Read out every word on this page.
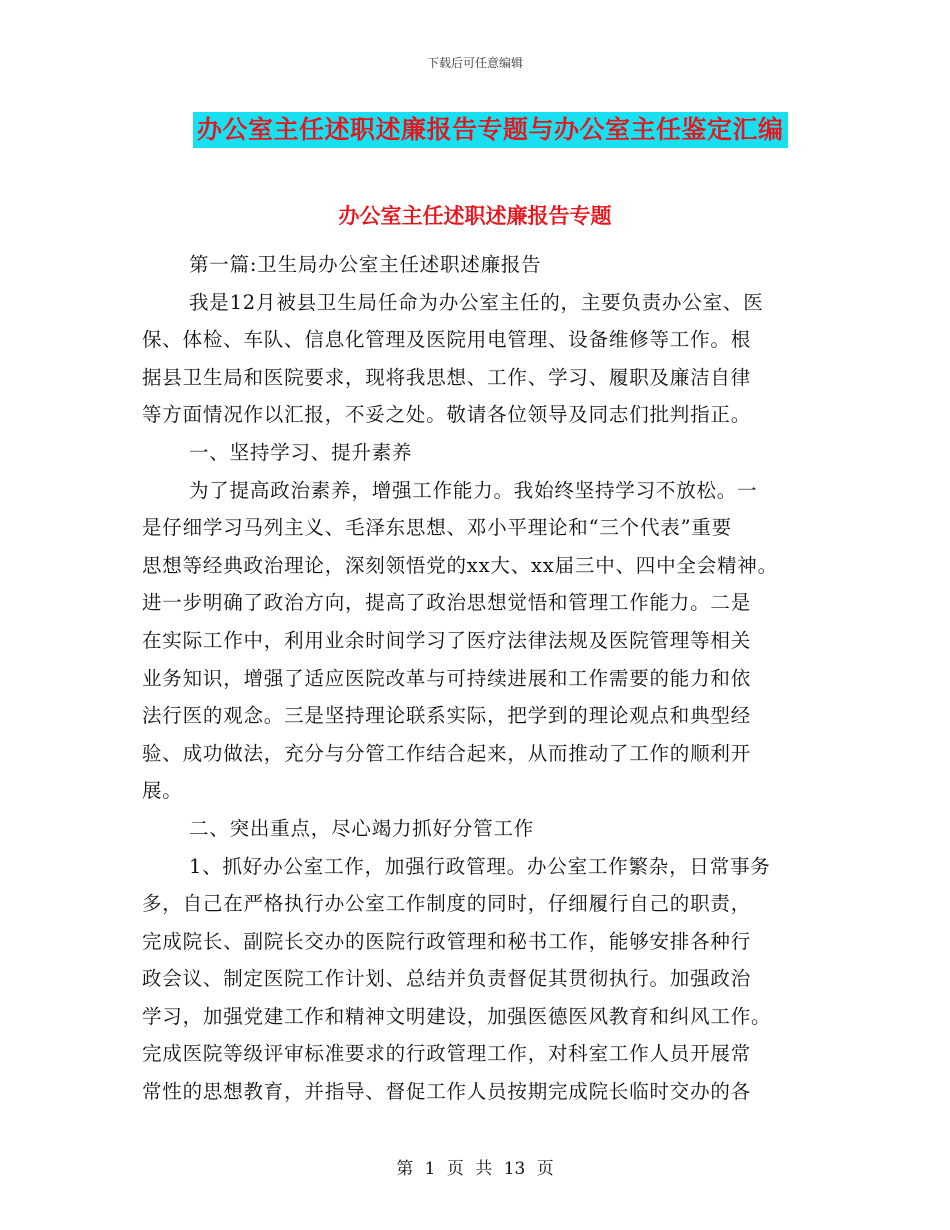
下载后可任意编辑
办公室主任述职述廉报告专题与办公室主任鉴定汇编
办公室主任述职述廉报告专题
第一篇:卫生局办公室主任述职述廉报告
我是12月被县卫生局任命为办公室主任的，主要负责办公室、医
保、体检、车队、信息化管理及医院用电管理、设备维修等工作。根
据县卫生局和医院要求，现将我思想、工作、学习、履职及廉洁自律
等方面情况作以汇报，不妥之处。敬请各位领导及同志们批判指正。
一、坚持学习、提升素养
为了提高政治素养，增强工作能力。我始终坚持学习不放松。一
是仔细学习马列主义、毛泽东思想、邓小平理论和“三个代表”重要
思想等经典政治理论，深刻领悟党的xx大、xx届三中、四中全会精神。
进一步明确了政治方向，提高了政治思想觉悟和管理工作能力。二是
在实际工作中，利用业余时间学习了医疗法律法规及医院管理等相关
业务知识，增强了适应医院改革与可持续进展和工作需要的能力和依
法行医的观念。三是坚持理论联系实际，把学到的理论观点和典型经
验、成功做法，充分与分管工作结合起来，从而推动了工作的顺利开
展。
二、突出重点，尽心竭力抓好分管工作
1、抓好办公室工作，加强行政管理。办公室工作繁杂，日常事务
多，自己在严格执行办公室工作制度的同时，仔细履行自己的职责，
完成院长、副院长交办的医院行政管理和秘书工作，能够安排各种行
政会议、制定医院工作计划、总结并负责督促其贯彻执行。加强政治
学习，加强党建工作和精神文明建设，加强医德医风教育和纠风工作。
完成医院等级评审标准要求的行政管理工作，对科室工作人员开展常
常性的思想教育，并指导、督促工作人员按期完成院长临时交办的各
第 1 页 共 13 页
